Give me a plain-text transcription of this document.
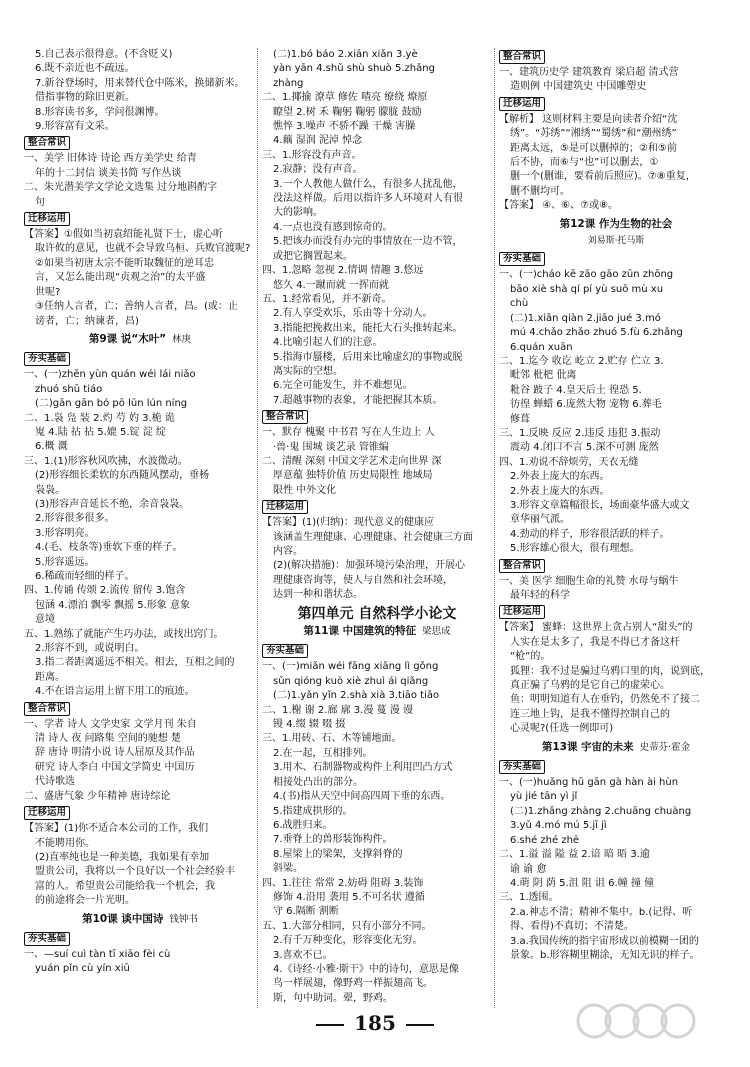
5.自己表示很得意。(不含贬义)
6.既不亲近也不疏远。
7.新谷登场时，用来替代仓中陈米，换储新米。
借指事物的除旧更新。
8.形容读书多，学问很渊博。
9.形容富有文采。
整合常识
一、美学 旧体诗 诗论 西方美学史 给青
年的十二封信 谈美书简 写作丛谈
二、朱光潜美学文学论文选集 过分地斟酌字
句
迁移运用
【答案】①假如当初袁绍能礼贤下士，虚心听
取许攸的意见，也就不会导致乌桓、兵败官渡呢?
②如果当初唐太宗不能听取魏征的逆耳忠
言，又怎么能出现“贞观之治”的太平盛
世呢?
③任纳人言者，亡；善纳人言者，昌。(或：止
谤者，亡；纳谏者，昌)
第9课 说“木叶” 林庚
夯实基础
一、(一)zhēn yùn quán wéi lái niǎo
zhuó shū tiáo
(二)gān gān bó pō lūn lún níng
二、1.袅 凫 装 2.灼 芍 妁 3.桅 诡
嵬 4.陆 拈 拈 5.媲 5.锭 淀 绽
6.概 溉
三、1.(1)形容秋风吹拂，水波微动。
(2)形容细长柔软的东西随风摆动，垂杨
袅袅。
(3)形容声音延长不绝，余音袅袅。
2.形容很多很多。
3.形容明亮。
4.(毛、枝条等)垂软下垂的样子。
5.形容遥远。
6.稀疏而轻细的样子。
四、1.传诵 传颂 2.流传 留传 3.饱含
包涵 4.漂泊 飘零 飘摇 5.形象 意象
意境
五、1.熟练了就能产生巧办法，或找出窍门。
2.形容不到，或说明白。
3.指二者距离遥远不相关。相去，互相之间的
距离。
4.不在语言运用上留下用工的痕迹。
整合常识
一、学者 诗人 文学史家 文学月刊 朱自
清 诗人 夜 问路集 空间的驰想 楚
辞 唐诗 明清小说 诗人屈原及其作品
研究 诗人李白 中国文学简史 中国历
代诗歌选
二、盛唐气象 少年精神 唐诗综论
迁移运用
【答案】(1)你不适合本公司的工作，我们
不能聘用你。
(2)直率纯也是一种美德，我如果有幸加
盟贵公司，我将以一个良好以一个社会经验丰
富的人。希望贵公司能给我一个机会，我
的前途将会一片光明。
第10课 谈中国诗 钱钟书
夯实基础
一、—suí cuì tàn tī xiāo fèi cù
yuán pǐn cù yín xiū
(二)1.bó báo 2.xiān xiǎn 3.yè
yàn yān 4.shǔ shù shuò 5.zhǎng
zhàng
二、1.揶揄 潦草 修佐 喳亮 缭绕 燎原
瞭望 2.树 禾 鞠躬 鞠躬 朦胧 鼓励
憔悴 3.噪声 不骄不躁 干燥 害臊
4.藕 湿润 泥淖 悼念
三、1.形容没有声音。
2.寂静；没有声音。
3.一个人教他人做什么，有很多人扰乱他，
没法这样做。后用以指许多人环境对人有很
大的影响。
4.一点也没有感到惊奇的。
5.把该办而没有办完的事情放在一边不管，
或把它搁置起来。
四、1.忽略 忽视 2.情调 情趣 3.悠远
悠久 4.一蹴而就 一挥而就
五、1.经常看见，并不新奇。
2.有人享受欢乐，乐由等十分动人。
3.指能把挽救出来，能托大石头推转起来。
4.比喻引起人们的注意。
5.指海市蜃楼，后用来比喻虚幻的事物或脱
离实际的空想。
6.完全可能发生，并不难想见。
7.超越事物的表象，才能把握其本质。
整合常识
一、默存 槐聚 中书君 写在人生边上 人
·兽·鬼 围城 谈艺录 管锥编
二、清醒 深刻 中国文学艺术走向世界 深
厚意蕴 独特价值 历史局限性 地域局
限性 中外文化
迁移运用
【答案】(1)(归纳)：现代意义的健康应
该涵盖生理健康、心理健康、社会健康三方面
内容。
(2)(解决措施)：加强环境污染治理，开展心
理健康咨询等，使人与自然和社会环境，
达到一种和谐状态。
第四单元 自然科学小论文
第11课 中国建筑的特征 梁思成
夯实基础
一、(一)miǎn wéi fāng xiǎng lì gǒng
sǔn qióng kuò xiè zhuì ái qiǎng
(二)1.yǎn yǐn 2.shà xià 3.tiāo tiǎo
二、1.榭 谢 2.廊 廓 3.漫 蔓 漫 谩
镘 4.缀 辍 啜 掇
三、1.用砖、石、木等铺地面。
2.在一起，互相排列。
3.用木、石制器物或构件上利用凹凸方式
相接处凸出的部分。
4.(书)指从天空中间高四周下垂的东西。
5.指建成拱形的。
6.战胜归来。
7.垂脊上的兽形装饰构件。
8.屋梁上的梁架，支撑斜脊的
斜梁。
四、1.往往 常常 2.妨碍 阻碍 3.装饰
修饰 4.沿用 袭用 5.不可名状 遵循
守 6.隔断 割断
五、1.大部分相同，只有小部分不同。
2.有千万种变化，形容变化无穷。
3.喜欢不已。
4.《诗经·小雅·斯干》中的诗句，意思是像
鸟一样展翅，像野鸡一样振翅高飞。
斯，句中助词。翚，野鸡。
整合常识
一、建筑历史学 建筑教育 梁启超 清式营
造则例 中国建筑史 中国雕塑史
迁移运用
【解析】 这则材料主要是向读者介绍“沈
绣”。“苏绣”“湘绣”“蜀绣”和“潮州绣”
距离太远，⑤是可以删掉的；②和⑤前
后不协，而⑥与“也”可以删去，①
删一个(删谁，要看前后照应)。⑦⑧重复，
删不删均可。
【答案】 ④、⑥、⑦或⑧。
第12课 作为生物的社会
刘易斯·托马斯
夯实基础
一、(一)cháo kē zāo gāo zūn zhōng
bāo xiè shà qí pí yù suō mù xu
chù
(二)1.xiǎn qiàn 2.jiāo jué 3.mó
mú 4.chǎo zhǎo zhuó 5.fù 6.zhǎng
6.quán xuān
二、1.迄今 收讫 屹立 2.贮存 伫立 3.
毗邻 枇杷 仳离
粃谷 跛子 4.皇天后土 徨恐 5.
彷徨 蝉蜡 6.庞然大物 宠物 6.葬毛
修葺
三、1.反映 反应 2.违反 违犯 3.振动
震动 4.闭口不言 5.深不可测 庞然
四、1.劝说不辞烦劳，天衣无缝
2.外表上庞大的东西。
2.外表上庞大的东西。
3.形容文章篇幅很长，场面豪华盛大或文
章华丽气派。
4.劲动的样子，形容很活跃的样子。
5.形容雄心很大，很有理想。
整合常识
一、美 医学 细胞生命的礼赞 水母与蜗牛
最年轻的科学
迁移运用
【答案】 蜜蜂：这世界上贪占别人“甜头”的
人实在是太多了，我是不得已才备这杆
“枪”的。
狐狸：我不过是骗过乌鸦口里的肉，说到底，
真正骗了乌鸦的是它自己的虚荣心。
鱼：明明知道有人在垂钓，仍然免不了接二
连三地上钩，是我不懂得控制自己的
心灵呢?(任选一例即可)
第13课 宇宙的未来 史蒂芬·霍金
夯实基础
一、(一)huǎng hū gān gà hàn ài hùn
yù jié tān yì jǐ
(二)1.zhǎng zhàng 2.chuāng chuàng
3.yǔ 4.mó mú 5.jī jì
6.shé zhé zhē
二、1.溢 溢 隘 益 2.谙 暗 晤 3.逾
谕 谕 愈
4.萌 阴 荫 5.沮 阻 诅 6.幢 撞 僮
三、1.透围。
2.a.神志不清；精神不集中。b.(记得、听
得、看得)不真切；不清楚。
3.a.我国传统的指宇宙形成以前模糊一团的
景象。b.形容糊里糊涂，无知无识的样子。
185
